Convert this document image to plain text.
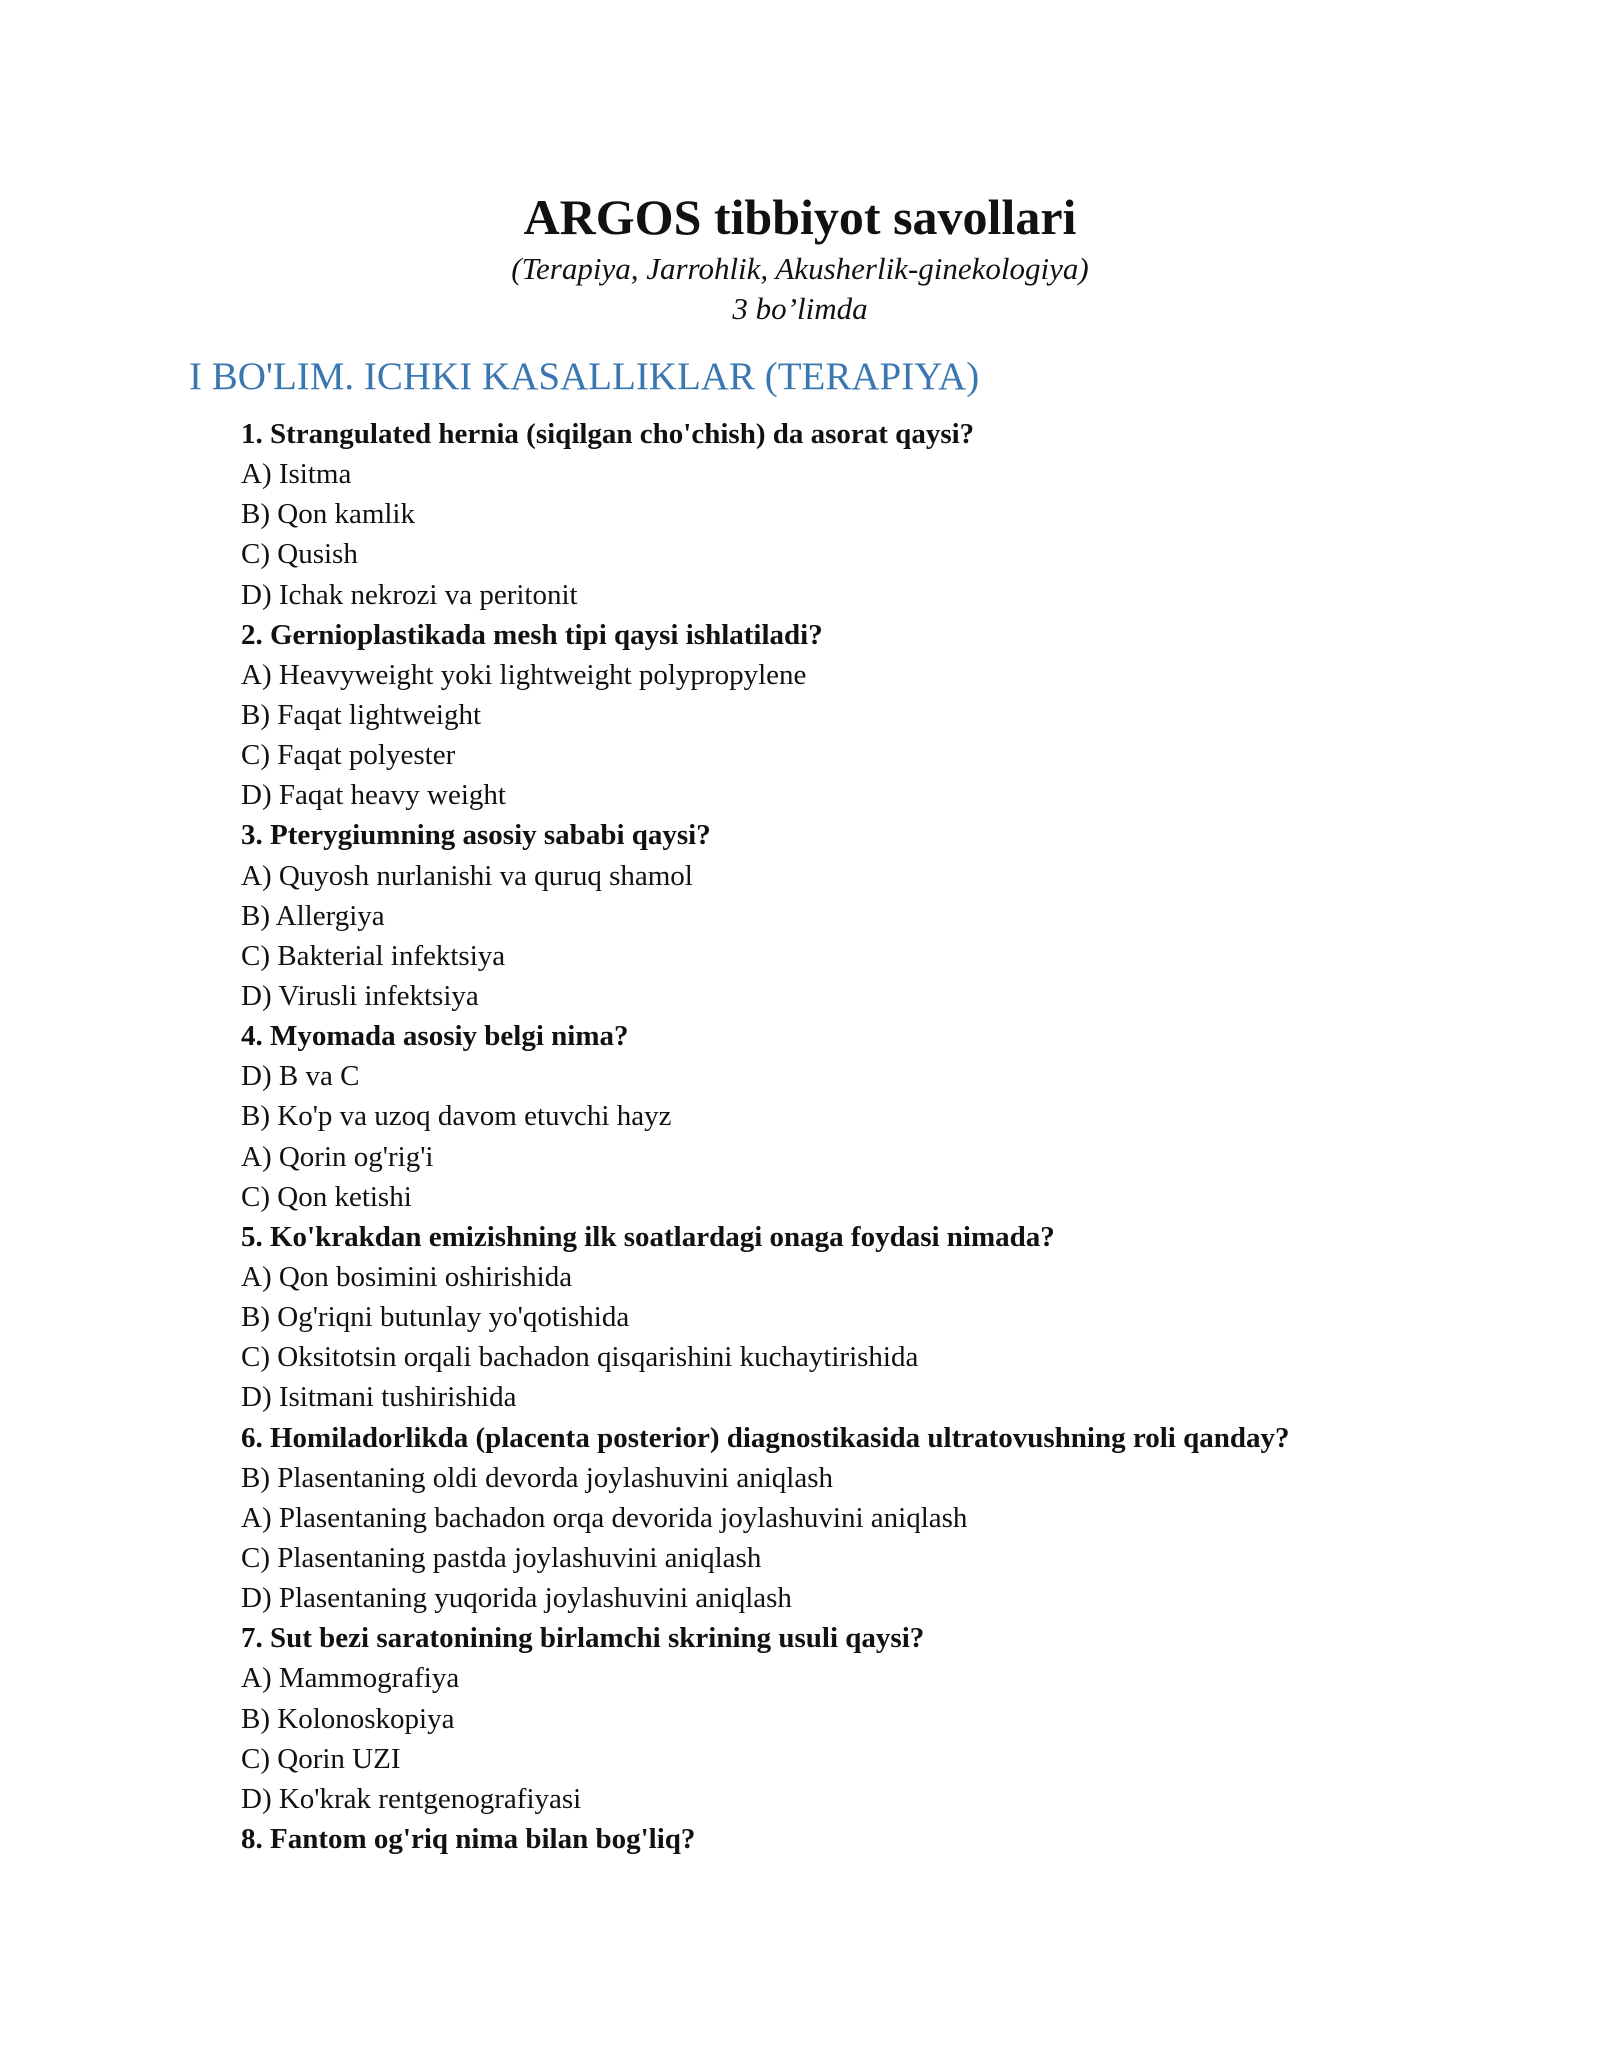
ARGOS tibbiyot savollari

(Terapiya, Jarrohlik, Akusherlik-ginekologiya)

3 bo’limda

I BO'LIM. ICHKI KASALLIKLAR (TERAPIYA)

1. Strangulated hernia (siqilgan cho'chish) da asorat qaysi?

A) Isitma

B) Qon kamlik

C) Qusish

D) Ichak nekrozi va peritonit

2. Gernioplastikada mesh tipi qaysi ishlatiladi?

A) Heavyweight yoki lightweight polypropylene

B) Faqat lightweight

C) Faqat polyester

D) Faqat heavy weight

3. Pterygiumning asosiy sababi qaysi?

A) Quyosh nurlanishi va quruq shamol

B) Allergiya

C) Bakterial infektsiya

D) Virusli infektsiya

4. Myomada asosiy belgi nima?

D) B va C

B) Ko'p va uzoq davom etuvchi hayz

A) Qorin og'rig'i

C) Qon ketishi

5. Ko'krakdan emizishning ilk soatlardagi onaga foydasi nimada?

A) Qon bosimini oshirishida

B) Og'riqni butunlay yo'qotishida

C) Oksitotsin orqali bachadon qisqarishini kuchaytirishida

D) Isitmani tushirishida

6. Homiladorlikda (placenta posterior) diagnostikasida ultratovushning roli qanday?

B) Plasentaning oldi devorda joylashuvini aniqlash

A) Plasentaning bachadon orqa devorida joylashuvini aniqlash

C) Plasentaning pastda joylashuvini aniqlash

D) Plasentaning yuqorida joylashuvini aniqlash

7. Sut bezi saratonining birlamchi skrining usuli qaysi?

A) Mammografiya

B) Kolonoskopiya

C) Qorin UZI

D) Ko'krak rentgenografiyasi

8. Fantom og'riq nima bilan bog'liq?
